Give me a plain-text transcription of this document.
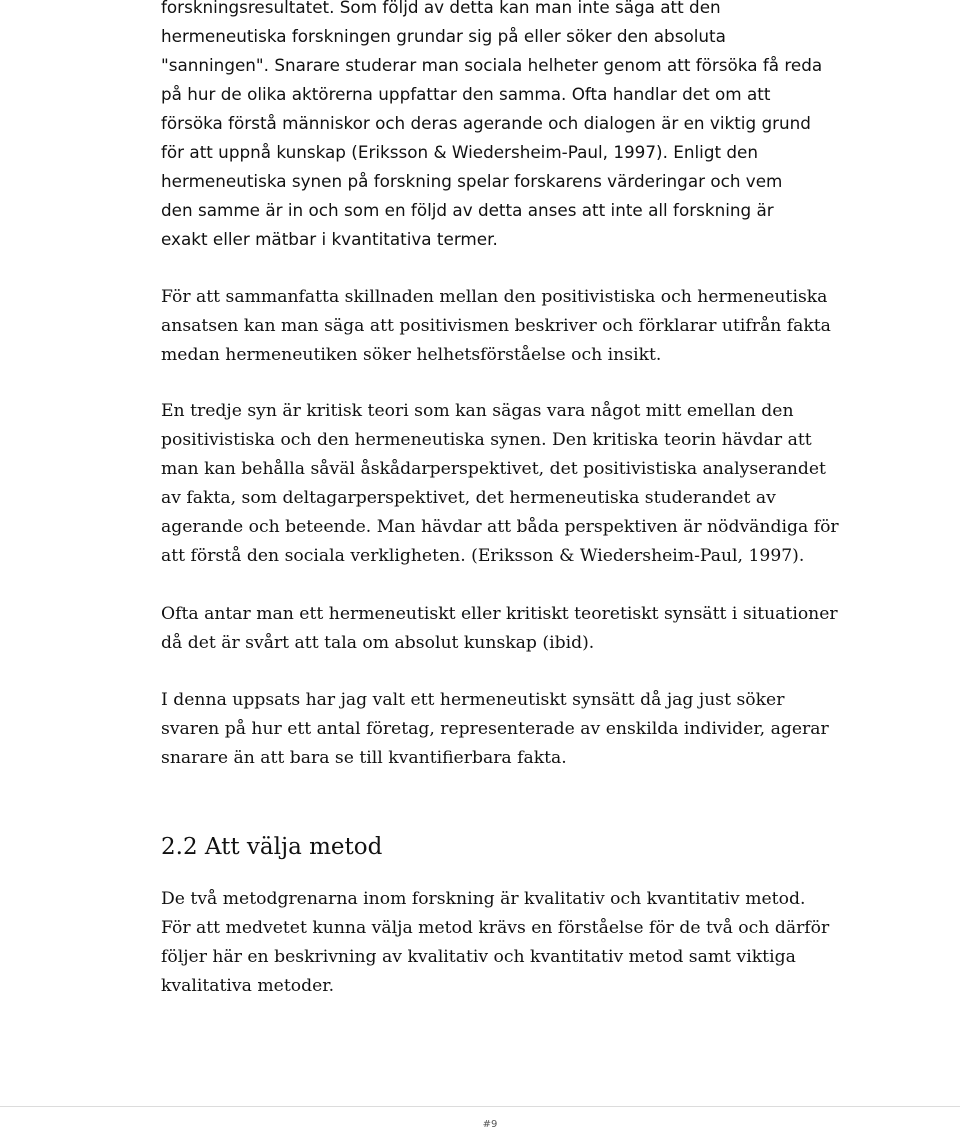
forskningsresultatet. Som följd av detta kan man inte säga att den
hermeneutiska forskningen grundar sig på eller söker den absoluta
"sanningen". Snarare studerar man sociala helheter genom att försöka få reda
på hur de olika aktörerna uppfattar den samma. Ofta handlar det om att
försöka förstå människor och deras agerande och dialogen är en viktig grund
för att uppnå kunskap (Eriksson & Wiedersheim-Paul, 1997). Enligt den
hermeneutiska synen på forskning spelar forskarens värderingar och vem
den samme är in och som en följd av detta anses att inte all forskning är
exakt eller mätbar i kvantitativa termer.
För att sammanfatta skillnaden mellan den positivistiska och hermeneutiska
ansatsen kan man säga att positivismen beskriver och förklarar utifrån fakta
medan hermeneutiken söker helhetsförståelse och insikt.
En tredje syn är kritisk teori som kan sägas vara något mitt emellan den
positivistiska och den hermeneutiska synen. Den kritiska teorin hävdar att
man kan behålla såväl åskådarperspektivet, det positivistiska analyserandet
av fakta, som deltagarperspektivet, det hermeneutiska studerandet av
agerande och beteende. Man hävdar att båda perspektiven är nödvändiga för
att förstå den sociala verkligheten. (Eriksson & Wiedersheim-Paul, 1997).
Ofta antar man ett hermeneutiskt eller kritiskt teoretiskt synsätt i situationer
då det är svårt att tala om absolut kunskap (ibid).
I denna uppsats har jag valt ett hermeneutiskt synsätt då jag just söker
svaren på hur ett antal företag, representerade av enskilda individer, agerar
snarare än att bara se till kvantifierbara fakta.
2.2 Att välja metod
De två metodgrenarna inom forskning är kvalitativ och kvantitativ metod.
För att medvetet kunna välja metod krävs en förståelse för de två och därför
följer här en beskrivning av kvalitativ och kvantitativ metod samt viktiga
kvalitativa metoder.
#9
